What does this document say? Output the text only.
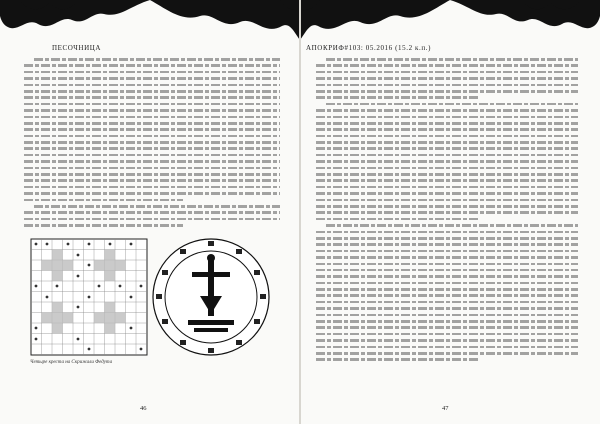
ПЕСОЧНИЦА
Четыре креста на Скрижали Федута
46
АПОКРИФ#103: 05.2016 (15.2 к.п.)
47
